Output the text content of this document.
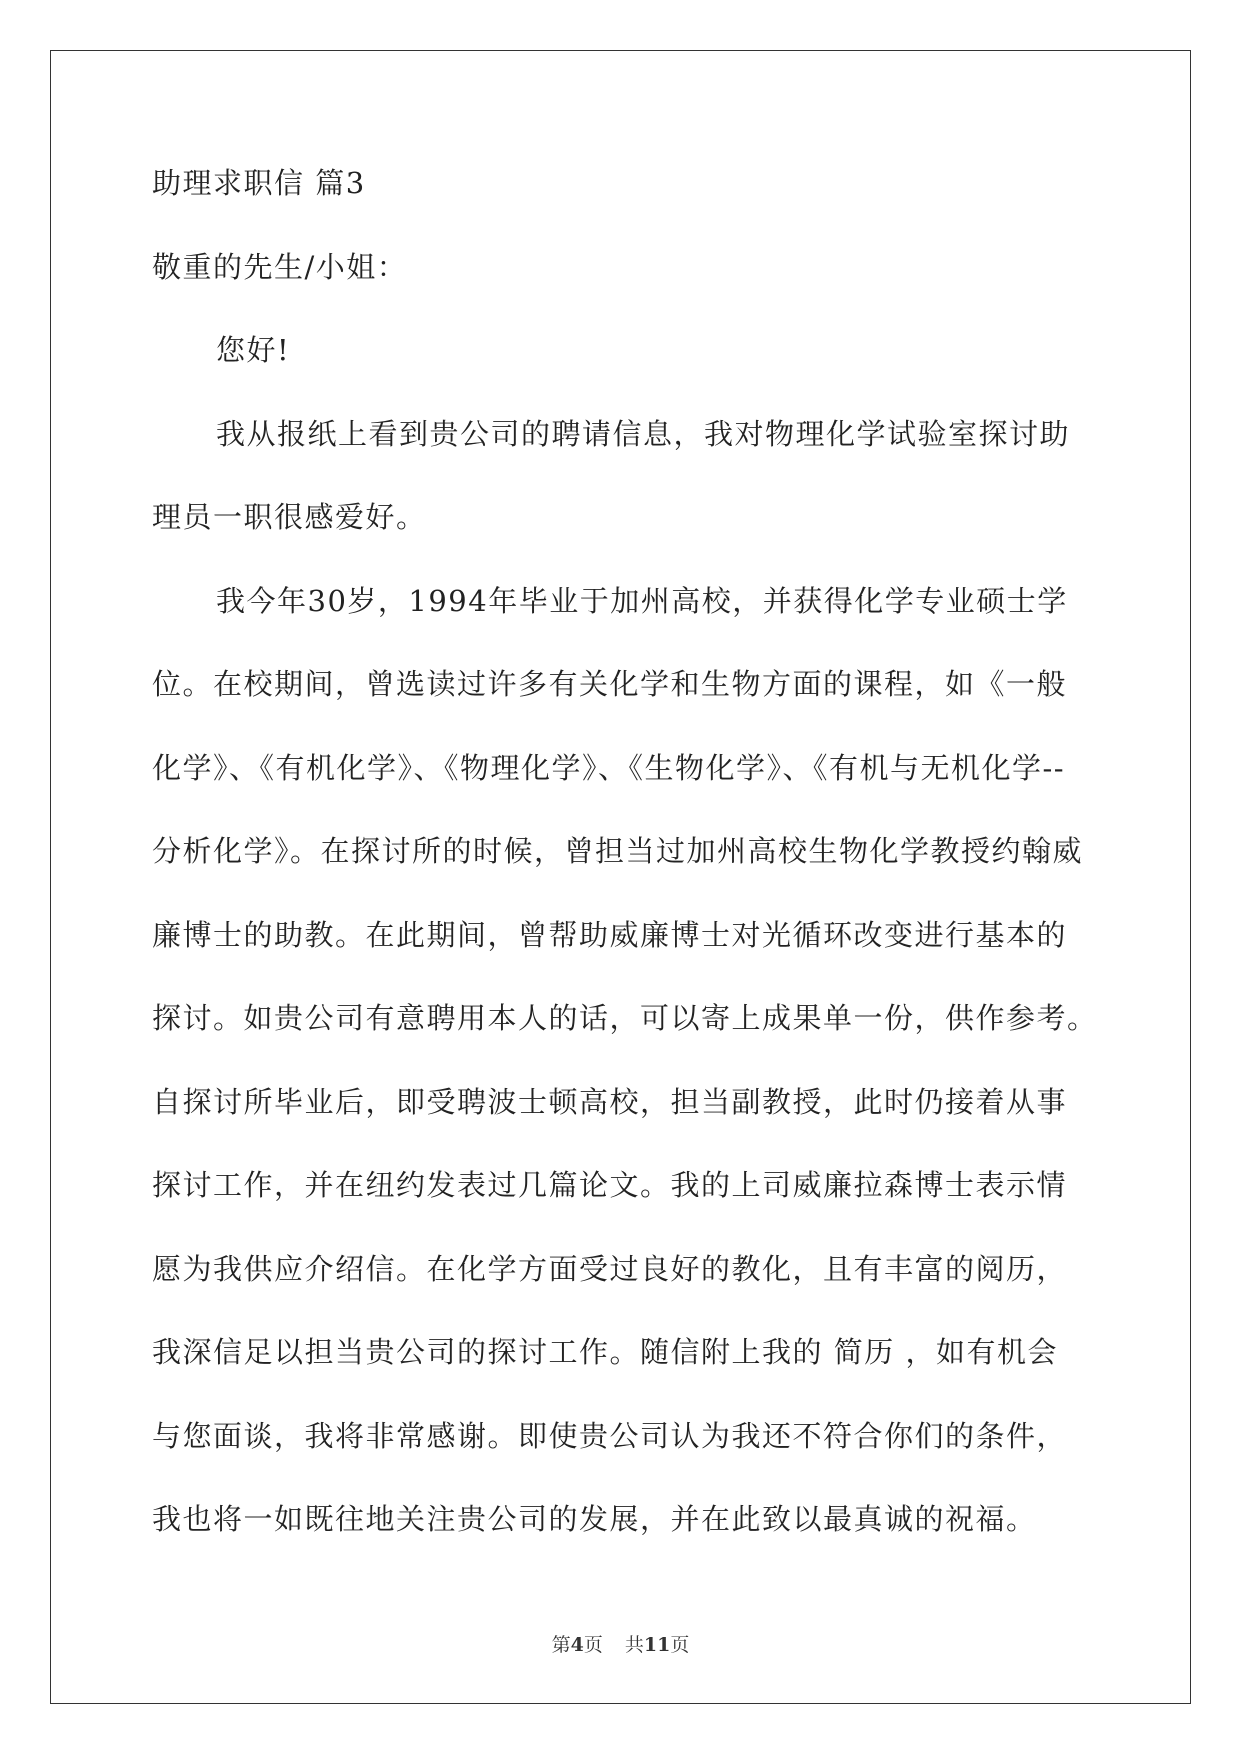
助理求职信 篇3
敬重的先生/小姐：
您好!
我从报纸上看到贵公司的聘请信息，我对物理化学试验室探讨助
理员一职很感爱好。
我今年30岁，1994年毕业于加州高校，并获得化学专业硕士学
位。在校期间，曾选读过许多有关化学和生物方面的课程，如《一般
化学》、《有机化学》、《物理化学》、《生物化学》、《有机与无机化学--
分析化学》。在探讨所的时候，曾担当过加州高校生物化学教授约翰威
廉博士的助教。在此期间，曾帮助威廉博士对光循环改变进行基本的
探讨。如贵公司有意聘用本人的话，可以寄上成果单一份，供作参考。
自探讨所毕业后，即受聘波士顿高校，担当副教授，此时仍接着从事
探讨工作，并在纽约发表过几篇论文。我的上司威廉拉森博士表示情
愿为我供应介绍信。在化学方面受过良好的教化，且有丰富的阅历，
我深信足以担当贵公司的探讨工作。随信附上我的 简历 ，如有机会
与您面谈，我将非常感谢。即使贵公司认为我还不符合你们的条件，
我也将一如既往地关注贵公司的发展，并在此致以最真诚的祝福。
第4页 共11页
